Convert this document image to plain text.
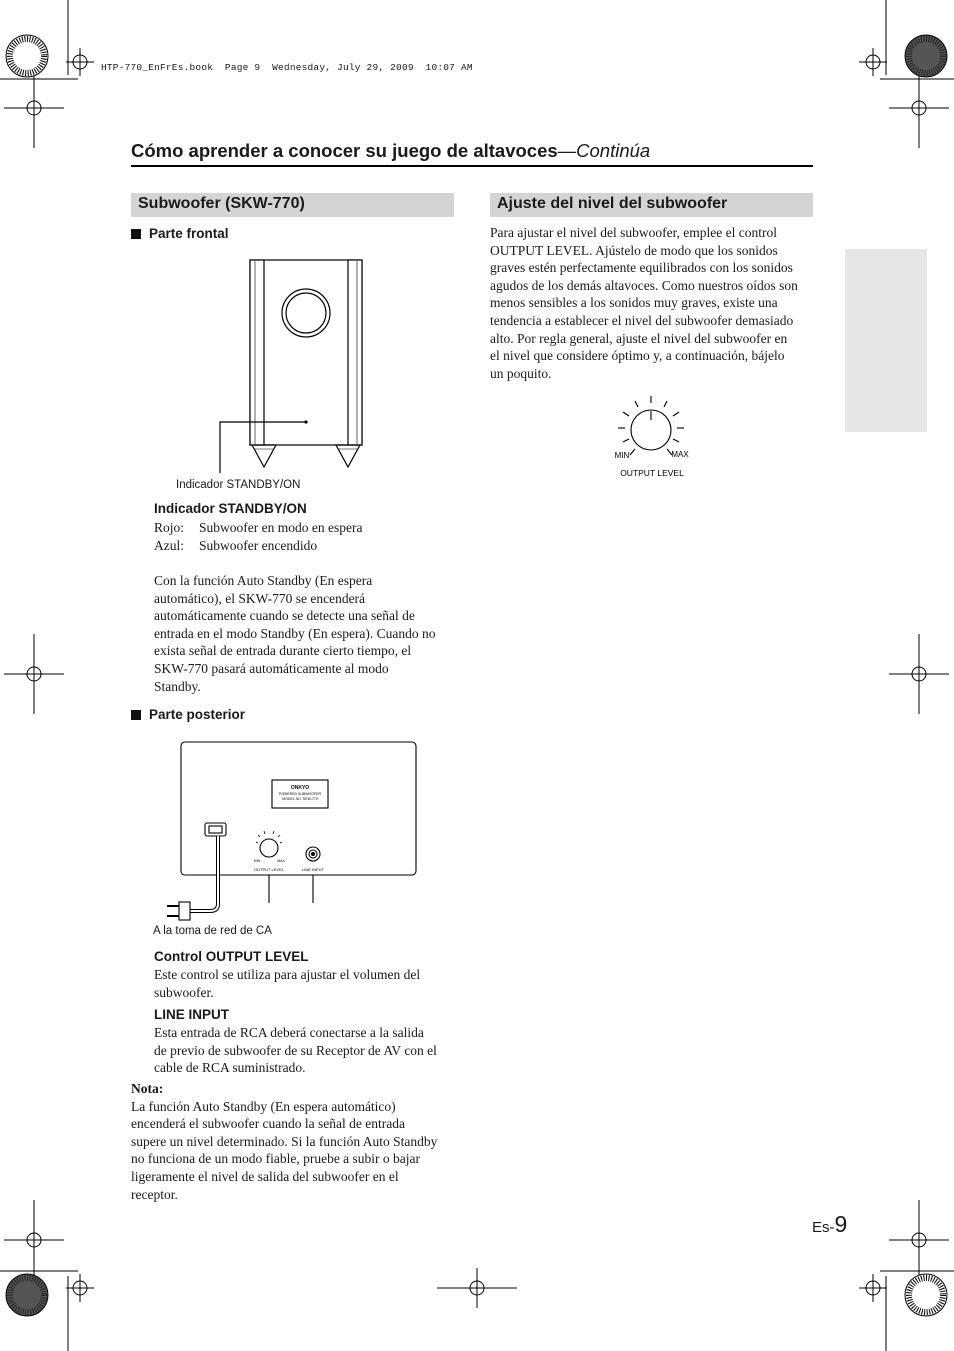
HTP-770_EnFrEs.book  Page 9  Wednesday, July 29, 2009  10:07 AM
Cómo aprender a conocer su juego de altavoces—Continúa
Subwoofer (SKW-770)
Parte frontal
Indicador STANDBY/ON
Indicador STANDBY/ON
Rojo:	Subwoofer en modo en espera
Azul:	Subwoofer encendido
Con la función Auto Standby (En espera
automático), el SKW-770 se encenderá
automáticamente cuando se detecte una señal de
entrada en el modo Standby (En espera). Cuando no
exista señal de entrada durante cierto tiempo, el
SKW-770 pasará automáticamente al modo
Standby.
Parte posterior
ONKYO
POWERED SUBWOOFER
MODEL NO. SKW-770
MIN	MAX
OUTPUT LEVEL	LINE INPUT
A la toma de red de CA
Control OUTPUT LEVEL
Este control se utiliza para ajustar el volumen del
subwoofer.
LINE INPUT
Esta entrada de RCA deberá conectarse a la salida
de previo de subwoofer de su Receptor de AV con el
cable de RCA suministrado.
Nota:
La función Auto Standby (En espera automático)
encenderá el subwoofer cuando la señal de entrada
supere un nivel determinado. Si la función Auto Standby
no funciona de un modo fiable, pruebe a subir o bajar
ligeramente el nivel de salida del subwoofer en el
receptor.
Ajuste del nivel del subwoofer
Para ajustar el nivel del subwoofer, emplee el control
OUTPUT LEVEL. Ajústelo de modo que los sonidos
graves estén perfectamente equilibrados con los sonidos
agudos de los demás altavoces. Como nuestros oídos son
menos sensibles a los sonidos muy graves, existe una
tendencia a establecer el nivel del subwoofer demasiado
alto. Por regla general, ajuste el nivel del subwoofer en
el nivel que considere óptimo y, a continuación, bájelo
un poquito.
MIN	MAX
OUTPUT LEVEL
Es-9
